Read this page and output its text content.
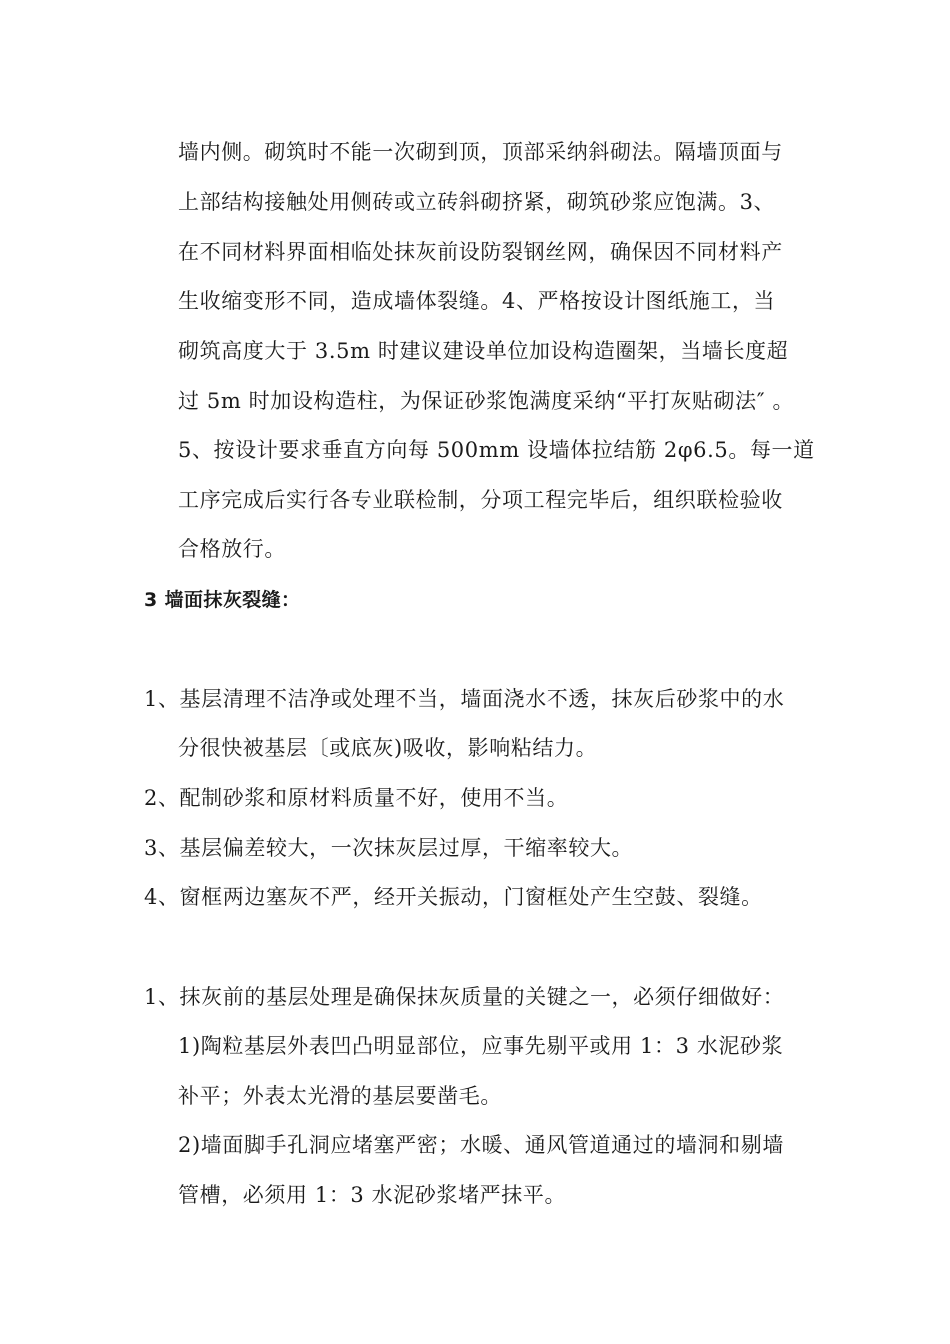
墙内侧。砌筑时不能一次砌到顶，顶部采纳斜砌法。隔墙顶面与
上部结构接触处用侧砖或立砖斜砌挤紧，砌筑砂浆应饱满。3、
在不同材料界面相临处抹灰前设防裂钢丝网，确保因不同材料产
生收缩变形不同，造成墙体裂缝。4、严格按设计图纸施工，当
砌筑高度大于 3.5m 时建议建设单位加设构造圈架，当墙长度超
过 5m 时加设构造柱，为保证砂浆饱满度采纳“平打灰贴砌法″ 。
5、按设计要求垂直方向每 500mm 设墙体拉结筋 2φ6.5。每一道
工序完成后实行各专业联检制，分项工程完毕后，组织联检验收
合格放行。
3 墙面抹灰裂缝：
1、基层清理不洁净或处理不当，墙面浇水不透，抹灰后砂浆中的水
分很快被基层〔或底灰)吸收，影响粘结力。
2、配制砂浆和原材料质量不好，使用不当。
3、基层偏差较大，一次抹灰层过厚，干缩率较大。
4、窗框两边塞灰不严，经开关振动，门窗框处产生空鼓、裂缝。
1、抹灰前的基层处理是确保抹灰质量的关键之一，必须仔细做好：
1)陶粒基层外表凹凸明显部位，应事先剔平或用 1：3 水泥砂浆
补平；外表太光滑的基层要凿毛。
2)墙面脚手孔洞应堵塞严密；水暖、通风管道通过的墙洞和剔墙
管槽，必须用 1：3 水泥砂浆堵严抹平。
